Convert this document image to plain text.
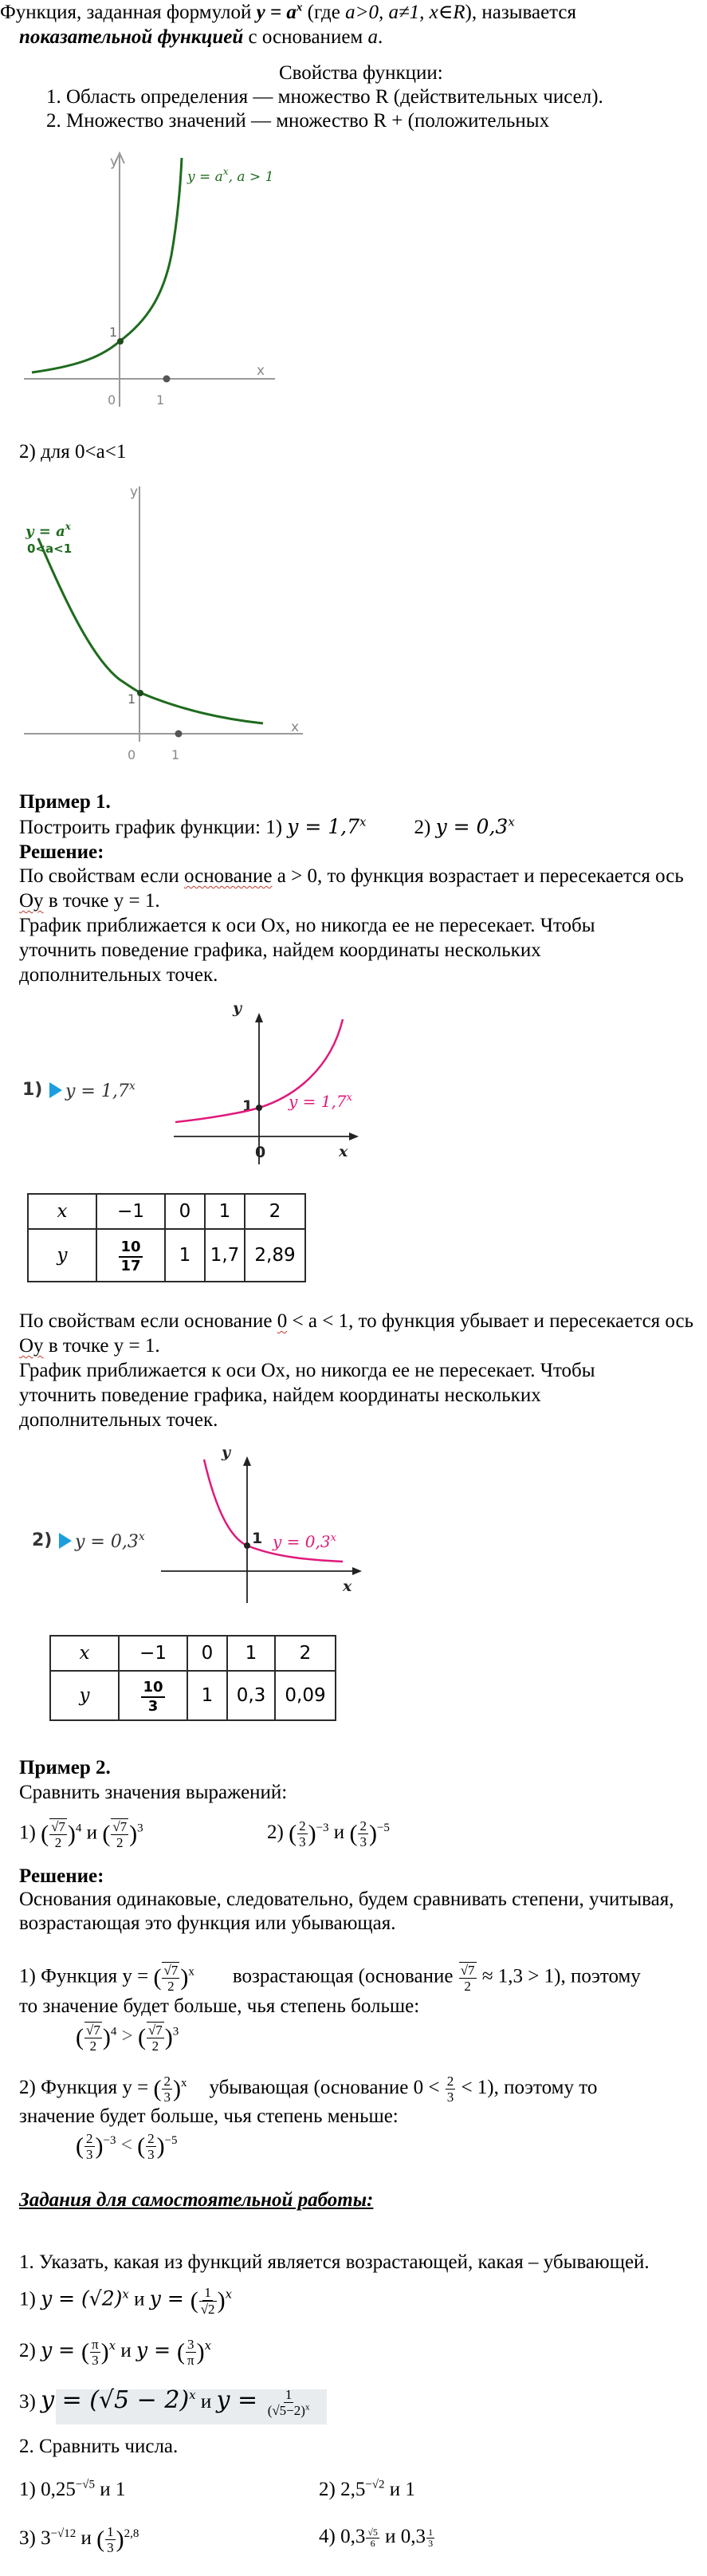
Функция, заданная формулой $y = a^x$ (где a>0, a≠1, x∈R), называется
показательной функцией с основанием a.
Свойства функции:
1. Область определения — множество R (действительных чисел).
2. Множество значений — множество R + (положительных
y
x
0	1
1
$y = a^x$, a > 1
2) для 0<a<1
y
x
0	1
1
$y = a^x$
0<a<1
Пример 1.
Построить график функции: 1) $y = 1,7^x$ 2) $y = 0,3^x$
Решение:
По свойствам если основание a > 0, то функция возрастает и пересекается ось
Оу в точке y = 1.
График приближается к оси Ох, но никогда ее не пересекает. Чтобы
уточнить поведение графика, найдем координаты нескольких
дополнительных точек.
1) $y = 1,7^x$
y
x
0
1 $y = 1,7^x$
x	−1	0	1	2
y	$\frac{10}{17}$	1	1,7	2,89
По свойствам если основание 0 < a < 1, то функция убывает и пересекается ось
Оу в точке y = 1.
График приближается к оси Ох, но никогда ее не пересекает. Чтобы
уточнить поведение графика, найдем координаты нескольких
дополнительных точек.
2) $y = 0,3^x$
y
x
1 $y = 0,3^x$
x	−1	0	1	2
y	$\frac{10}{3}$	1	0,3	0,09
Пример 2.
Сравнить значения выражений:
1) ( $\frac{√7}{2} )^4$ и ( $\frac{√7}{2} )^3$	2) ( $\frac{2}{3} )^{-3}$ и ( $\frac{2}{3} )^{-5}$
Решение:
Основания одинаковые, следовательно, будем сравнивать степени, учитывая,
возрастающая это функция или убывающая.
1) Функция y = ( $\frac{√7}{2} )^x$ возрастающая (основание $\frac{√7}{2} \approx 1,3 > 1$), поэтому
то значение будет больше, чья степень больше:
( $\frac{√7}{2} )^4$ > ( $\frac{√7}{2} )^3$
2) Функция y = ( $\frac{2}{3} )^x$ убывающая (основание $0 < \frac{2}{3} < 1$), поэтому то
значение будет больше, чья степень меньше:
( $\frac{2}{3} )^{-3}$ < ( $\frac{2}{3} )^{-5}$
Задания для самостоятельной работы:
1. Указать, какая из функций является возрастающей, какая – убывающей.
1) $y = (√2)^x$ и y = ( $\frac{1}{√2} )^x$
2) y = ( $\frac{\pi}{3} )^x$ и y = ( $\frac{3}{\pi} )^x$
3) $y = (√5 - 2)^x$ и $y = \frac{1}{(√5-2)^x}$
2. Сравнить числа.
1) $0,25^{-√5}$ и 1	2) $2,5^{-√2}$ и 1
3) $3^{-√12}$ и ( $\frac{1}{3} )^{2,8}$	4) $0,3 \frac{√5}{6}$ и $0,3 \frac{1}{3}$
